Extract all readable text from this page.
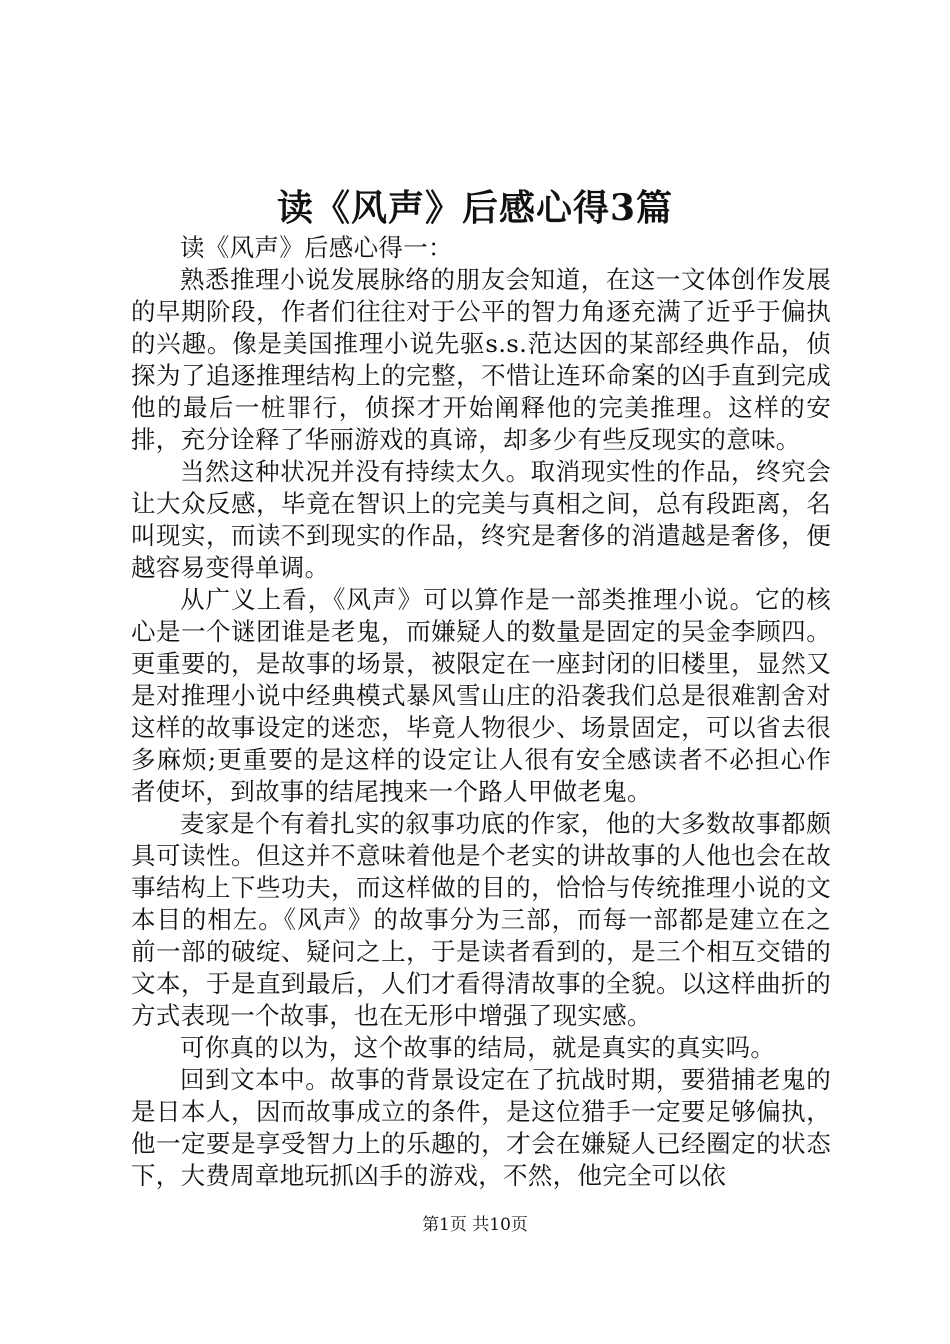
读《风声》后感心得3篇

读《风声》后感心得一：

熟悉推理小说发展脉络的朋友会知道，在这一文体创作发展的早期阶段，作者们往往对于公平的智力角逐充满了近乎于偏执的兴趣。像是美国推理小说先驱s.s.范达因的某部经典作品，侦探为了追逐推理结构上的完整，不惜让连环命案的凶手直到完成他的最后一桩罪行，侦探才开始阐释他的完美推理。这样的安排，充分诠释了华丽游戏的真谛，却多少有些反现实的意味。

当然这种状况并没有持续太久。取消现实性的作品，终究会让大众反感，毕竟在智识上的完美与真相之间，总有段距离，名叫现实，而读不到现实的作品，终究是奢侈的消遣越是奢侈，便越容易变得单调。

从广义上看，《风声》可以算作是一部类推理小说。它的核心是一个谜团谁是老鬼，而嫌疑人的数量是固定的吴金李顾四。更重要的，是故事的场景，被限定在一座封闭的旧楼里，显然又是对推理小说中经典模式暴风雪山庄的沿袭我们总是很难割舍对这样的故事设定的迷恋，毕竟人物很少、场景固定，可以省去很多麻烦;更重要的是这样的设定让人很有安全感读者不必担心作者使坏，到故事的结尾拽来一个路人甲做老鬼。

麦家是个有着扎实的叙事功底的作家，他的大多数故事都颇具可读性。但这并不意味着他是个老实的讲故事的人他也会在故事结构上下些功夫，而这样做的目的，恰恰与传统推理小说的文本目的相左。《风声》的故事分为三部，而每一部都是建立在之前一部的破绽、疑问之上，于是读者看到的，是三个相互交错的文本，于是直到最后，人们才看得清故事的全貌。以这样曲折的方式表现一个故事，也在无形中增强了现实感。

可你真的以为，这个故事的结局，就是真实的真实吗。

回到文本中。故事的背景设定在了抗战时期，要猎捕老鬼的是日本人，因而故事成立的条件，是这位猎手一定要足够偏执，他一定要是享受智力上的乐趣的，才会在嫌疑人已经圈定的状态下，大费周章地玩抓凶手的游戏，不然，他完全可以依

第1页 共10页
